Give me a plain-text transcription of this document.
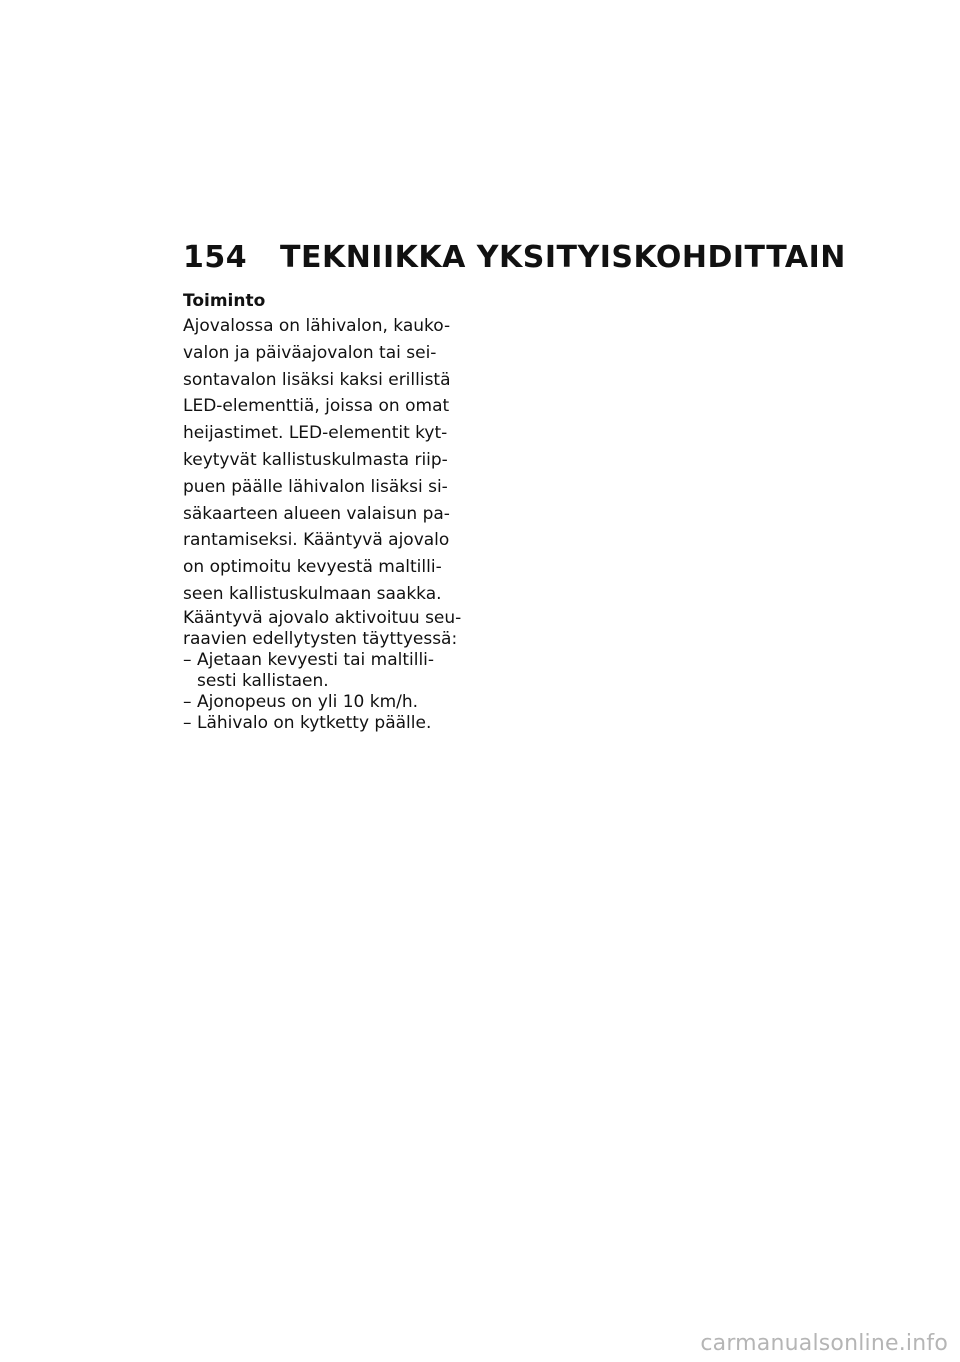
154	TEKNIIKKA YKSITYISKOHDITTAIN
Toiminto

Ajovalossa on lähivalon, kauko-
valon ja päiväajovalon tai sei-
sontavalon lisäksi kaksi erillistä
LED-elementtiä, joissa on omat
heijastimet. LED-elementit kyt-
keytyvät kallistuskulmasta riip-
puen päälle lähivalon lisäksi si-
säkaarteen alueen valaisun pa-
rantamiseksi. Kääntyvä ajovalo
on optimoitu kevyestä maltilli-
seen kallistuskulmaan saakka.

Kääntyvä ajovalo aktivoituu seu-
raavien edellytysten täyttyessä:

– Ajetaan kevyesti tai maltilli-
sesti kallistaen.
– Ajonopeus on yli 10 km/h.
– Lähivalo on kytketty päälle.
carmanualsonline.info
